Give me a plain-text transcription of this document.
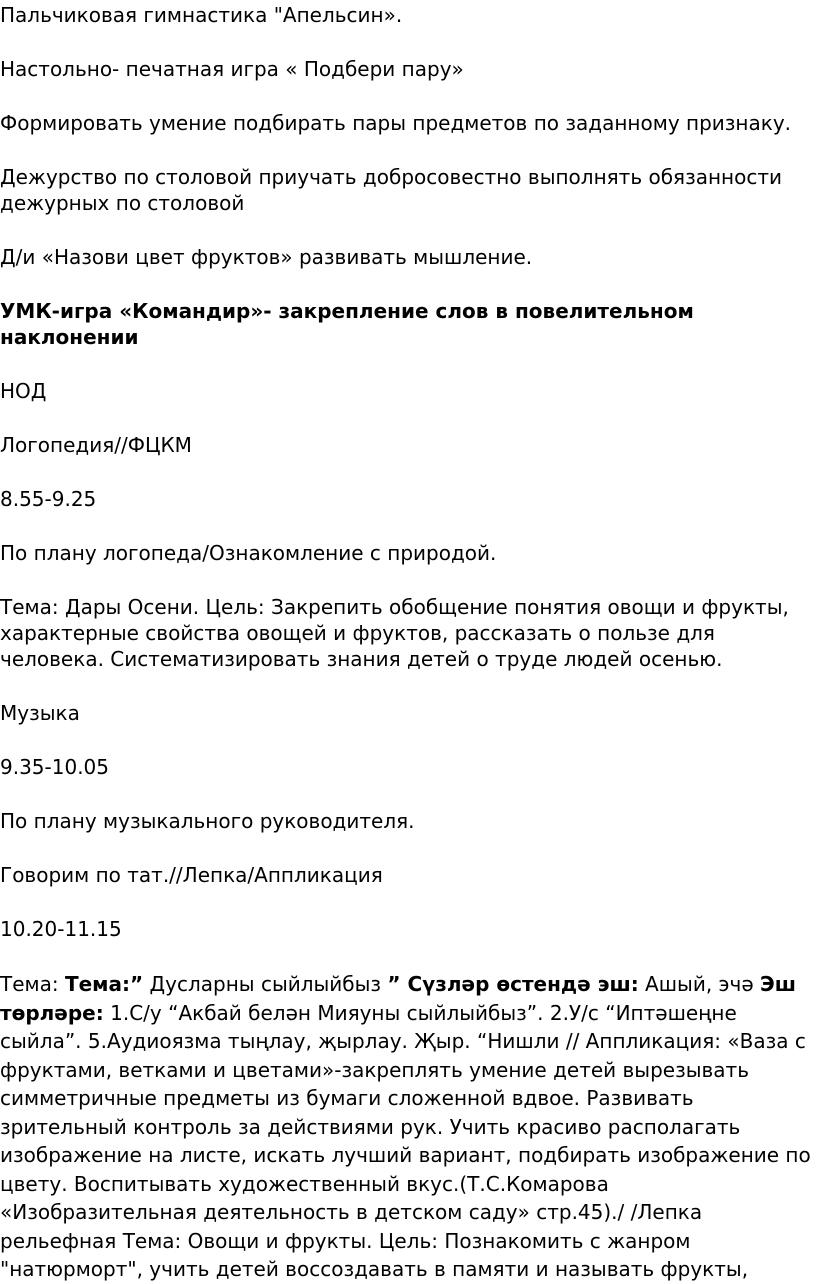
Пальчиковая гимнастика "Апельсин».

Настольно- печатная игра « Подбери пару»

Формировать умение подбирать пары предметов по заданному признаку.

Дежурство по столовой приучать добросовестно выполнять обязанности дежурных по столовой

Д/и «Назови цвет фруктов» развивать мышление.

УМК-игра «Командир»- закрепление слов в повелительном наклонении

НОД

Логопедия//ФЦКМ

8.55-9.25

По плану логопеда/Ознакомление с природой.

Тема: Дары Осени. Цель: Закрепить обобщение понятия овощи и фрукты, характерные свойства овощей и фруктов, рассказать о пользе для человека. Систематизировать знания детей о труде людей осенью.

Музыка

9.35-10.05

По плану музыкального руководителя.

Говорим по тат.//Лепка/Аппликация

10.20-11.15

Тема: Тема:” Дусларны сыйлыйбыз ” Сүзләр өстендә эш: Ашый, эчә Эш төрләре: 1.С/у “Акбай белән Мияуны сыйлыйбыз”. 2.У/с “Иптәшеңне сыйла”. 5.Аудиоязма тыңлау, җырлау. Җыр. “Нишли // Аппликация: «Ваза с фруктами, ветками и цветами»-закреплять умение детей вырезывать симметричные предметы из бумаги сложенной вдвое. Развивать зрительный контроль за действиями рук. Учить красиво располагать изображение на листе, искать лучший вариант, подбирать изображение по цвету. Воспитывать художественный вкус.(Т.С.Комарова «Изобразительная деятельность в детском саду» стр.45)./ /Лепка рельефная Тема: Овощи и фрукты. Цель: Познакомить с жанром "натюрморт", учить детей воссоздавать в памяти и называть фрукты,
